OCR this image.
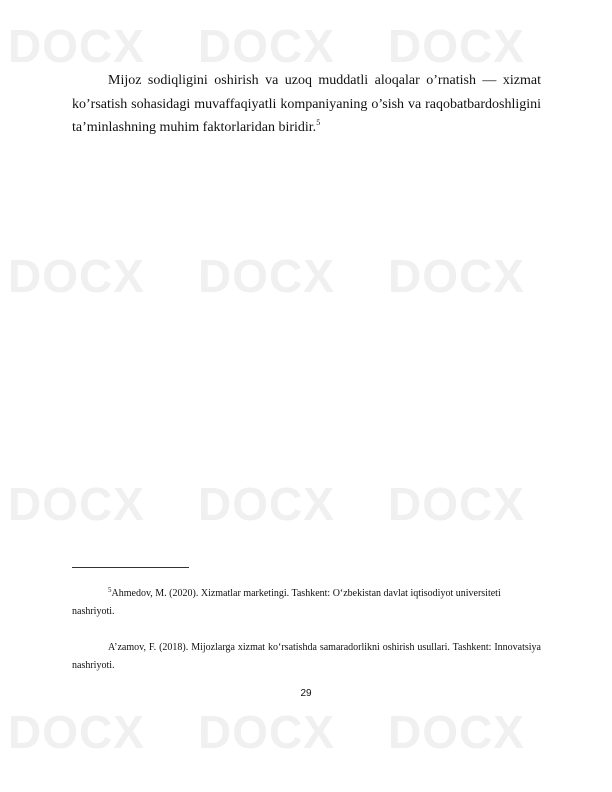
DOCX DOCX DOCX
DOCX DOCX DOCX
DOCX DOCX DOCX
DOCX DOCX DOCX

Mijoz sodiqligini oshirish va uzoq muddatli aloqalar o’rnatish — xizmat ko’rsatish sohasidagi muvaffaqiyatli kompaniyaning o’sish va raqobatbardoshligini ta’minlashning muhim faktorlaridan biridir.$^5$

$^5$Ahmedov, M. (2020). Xizmatlar marketingi. Tashkent: O‘zbekistan davlat iqtisodiyot universiteti nashriyoti.

A’zamov, F. (2018). Mijozlarga xizmat ko‘rsatishda samaradorlikni oshirish usullari. Tashkent: Innovatsiya nashriyoti.

29
